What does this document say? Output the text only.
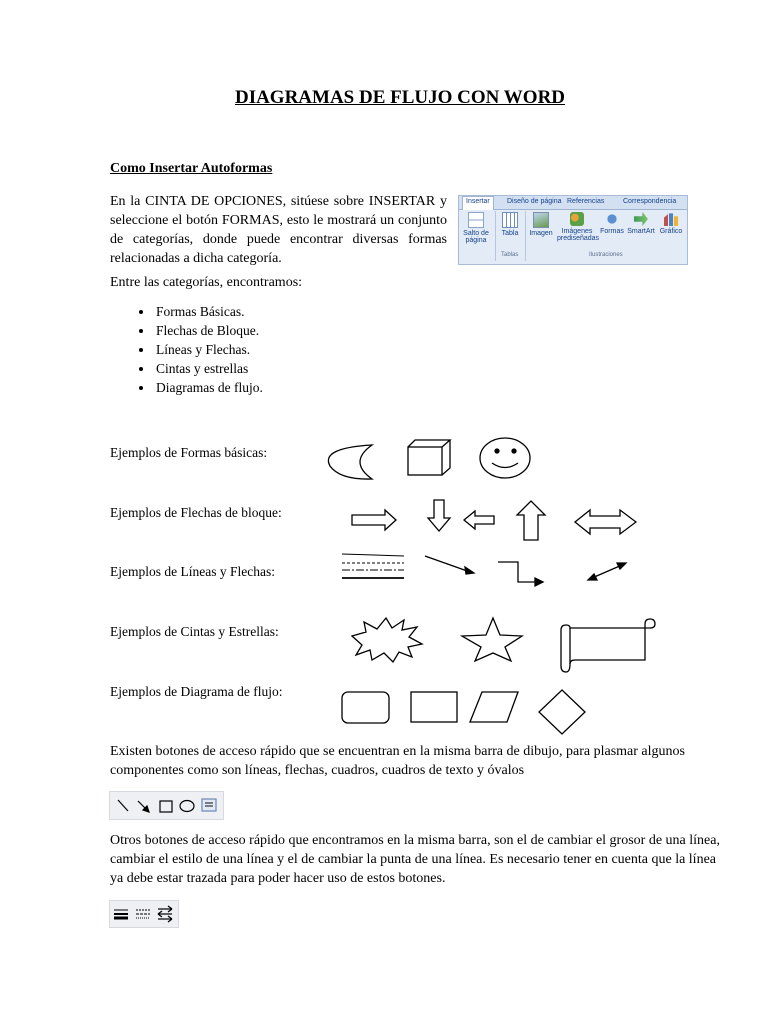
DIAGRAMAS DE FLUJO CON WORD
Como Insertar Autoformas
En la CINTA DE OPCIONES, sitúese sobre INSERTAR y seleccione el botón FORMAS, esto le mostrará un conjunto de categorías, donde puede encontrar diversas formas relacionadas a dicha categoría.
Insertar	Diseño de página Referencias	Correspondencia
Salto de página
Tabla	Imagen	Imágenes prediseñadas
Formas SmartArt Gráfico
Tablas	Ilustraciones
Entre las categorías, encontramos:
• Formas Básicas.
• Flechas de Bloque.
• Líneas y Flechas.
• Cintas y estrellas
• Diagramas de flujo.
Ejemplos de Formas básicas:
Ejemplos de Flechas de bloque:
Ejemplos de Líneas y Flechas:
Ejemplos de Cintas y Estrellas:
Ejemplos de Diagrama de flujo:
Existen botones de acceso rápido que se encuentran en la misma barra de dibujo, para plasmar algunos componentes como son líneas, flechas, cuadros, cuadros de texto y óvalos
Otros botones de acceso rápido que encontramos en la misma barra, son el de cambiar el grosor de una línea, cambiar el estilo de una línea y el de cambiar la punta de una línea. Es necesario tener en cuenta que la línea ya debe estar trazada para poder hacer uso de estos botones.
